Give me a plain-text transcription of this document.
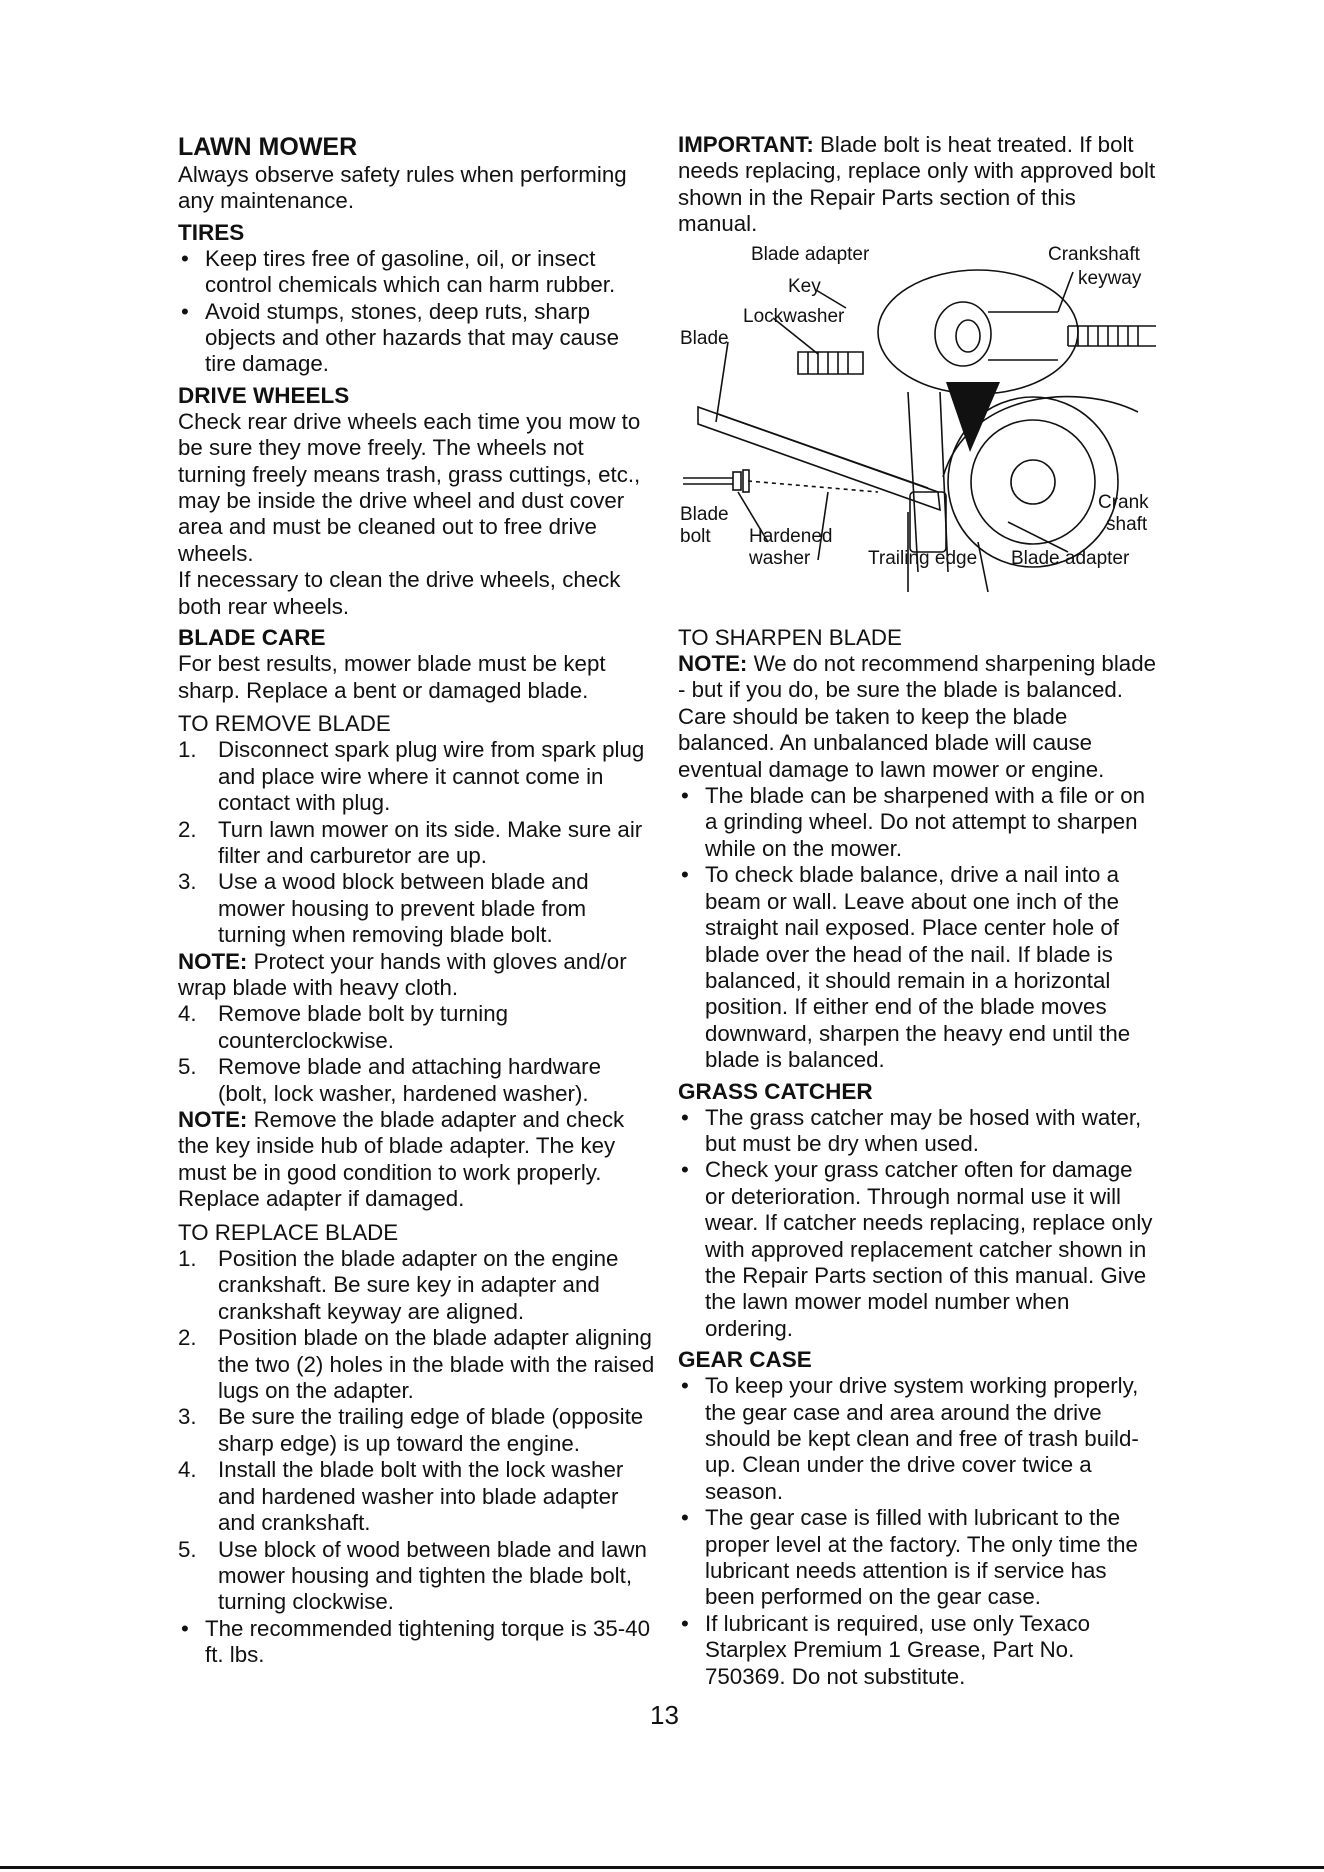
LAWN MOWER

Always observe safety rules when performing any maintenance.

TIRES

• Keep tires free of gasoline, oil, or insect control chemicals which can harm rubber.

• Avoid stumps, stones, deep ruts, sharp objects and other hazards that may cause tire damage.

DRIVE WHEELS

Check rear drive wheels each time you mow to be sure they move freely. The wheels not turning freely means trash, grass cuttings, etc., may be inside the drive wheel and dust cover area and must be cleaned out to free drive wheels.

If necessary to clean the drive wheels, check both rear wheels.

BLADE CARE

For best results, mower blade must be kept sharp. Replace a bent or damaged blade.

TO REMOVE BLADE

1. Disconnect spark plug wire from spark plug and place wire where it cannot come in contact with plug.
2. Turn lawn mower on its side. Make sure air filter and carburetor are up.
3. Use a wood block between blade and mower housing to prevent blade from turning when removing blade bolt.

NOTE: Protect your hands with gloves and/or wrap blade with heavy cloth.

4. Remove blade bolt by turning counterclockwise.
5. Remove blade and attaching hardware (bolt, lock washer, hardened washer).

NOTE: Remove the blade adapter and check the key inside hub of blade adapter. The key must be in good condition to work properly. Replace adapter if damaged.

TO REPLACE BLADE

1. Position the blade adapter on the engine crankshaft. Be sure key in adapter and crankshaft keyway are aligned.
2. Position blade on the blade adapter aligning the two (2) holes in the blade with the raised lugs on the adapter.
3. Be sure the trailing edge of blade (opposite sharp edge) is up toward the engine.
4. Install the blade bolt with the lock washer and hardened washer into blade adapter and crankshaft.
5. Use block of wood between blade and lawn mower housing and tighten the blade bolt, turning clockwise.

• The recommended tightening torque is 35-40 ft. lbs.

IMPORTANT: Blade bolt is heat treated. If bolt needs replacing, replace only with approved bolt shown in the Repair Parts section of this manual.

Blade adapter	Crankshaft
keyway
Key
Lockwasher
Blade
Blade
bolt Hardened
washer	Trailing edge Blade adapter
Crank
shaft

TO SHARPEN BLADE

NOTE: We do not recommend sharpening blade - but if you do, be sure the blade is balanced. Care should be taken to keep the blade balanced. An unbalanced blade will cause eventual damage to lawn mower or engine.

• The blade can be sharpened with a file or on a grinding wheel. Do not attempt to sharpen while on the mower.

• To check blade balance, drive a nail into a beam or wall. Leave about one inch of the straight nail exposed. Place center hole of blade over the head of the nail. If blade is balanced, it should remain in a horizontal position. If either end of the blade moves downward, sharpen the heavy end until the blade is balanced.

GRASS CATCHER

• The grass catcher may be hosed with water, but must be dry when used.

• Check your grass catcher often for damage or deterioration. Through normal use it will wear. If catcher needs replacing, replace only with approved replacement catcher shown in the Repair Parts section of this manual. Give the lawn mower model number when ordering.

GEAR CASE

• To keep your drive system working properly, the gear case and area around the drive should be kept clean and free of trash build-up. Clean under the drive cover twice a season.

• The gear case is filled with lubricant to the proper level at the factory. The only time the lubricant needs attention is if service has been performed on the gear case.

• If lubricant is required, use only Texaco Starplex Premium 1 Grease, Part No. 750369. Do not substitute.

13
